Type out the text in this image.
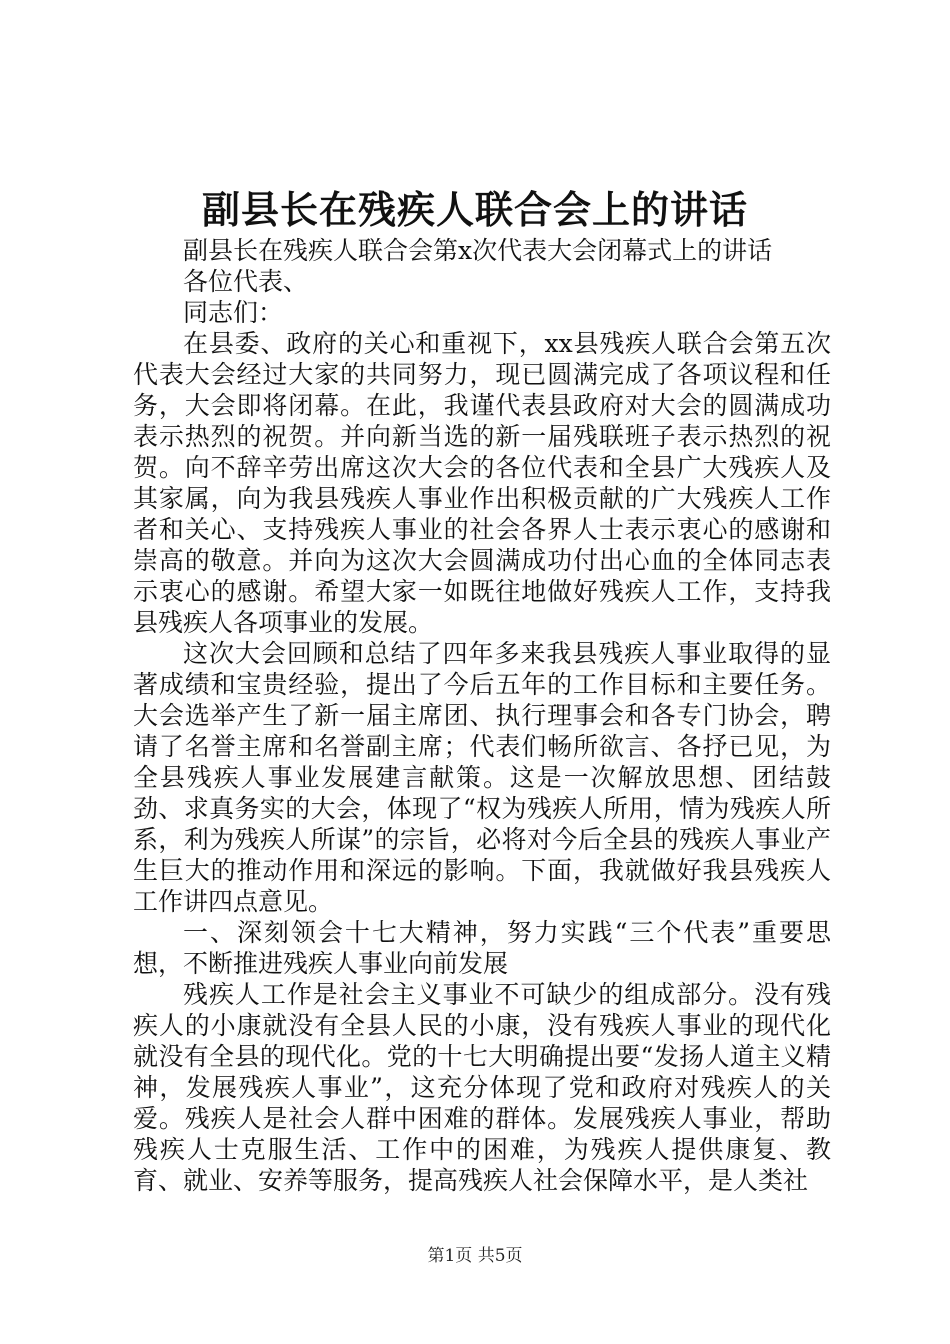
副县长在残疾人联合会上的讲话

副县长在残疾人联合会第x次代表大会闭幕式上的讲话

各位代表、

同志们：

在县委、政府的关心和重视下，xx县残疾人联合会第五次代表大会经过大家的共同努力，现已圆满完成了各项议程和任务，大会即将闭幕。在此，我谨代表县政府对大会的圆满成功表示热烈的祝贺。并向新当选的新一届残联班子表示热烈的祝贺。向不辞辛劳出席这次大会的各位代表和全县广大残疾人及其家属，向为我县残疾人事业作出积极贡献的广大残疾人工作者和关心、支持残疾人事业的社会各界人士表示衷心的感谢和崇高的敬意。并向为这次大会圆满成功付出心血的全体同志表示衷心的感谢。希望大家一如既往地做好残疾人工作，支持我县残疾人各项事业的发展。

这次大会回顾和总结了四年多来我县残疾人事业取得的显著成绩和宝贵经验，提出了今后五年的工作目标和主要任务。大会选举产生了新一届主席团、执行理事会和各专门协会，聘请了名誉主席和名誉副主席；代表们畅所欲言、各抒已见，为全县残疾人事业发展建言献策。这是一次解放思想、团结鼓劲、求真务实的大会，体现了“权为残疾人所用，情为残疾人所系，利为残疾人所谋”的宗旨，必将对今后全县的残疾人事业产生巨大的推动作用和深远的影响。下面，我就做好我县残疾人工作讲四点意见。

一、深刻领会十七大精神，努力实践“三个代表”重要思想，不断推进残疾人事业向前发展

残疾人工作是社会主义事业不可缺少的组成部分。没有残疾人的小康就没有全县人民的小康，没有残疾人事业的现代化就没有全县的现代化。党的十七大明确提出要“发扬人道主义精神，发展残疾人事业”，这充分体现了党和政府对残疾人的关爱。残疾人是社会人群中困难的群体。发展残疾人事业，帮助残疾人士克服生活、工作中的困难，为残疾人提供康复、教育、就业、安养等服务，提高残疾人社会保障水平，是人类社

第1页 共5页
